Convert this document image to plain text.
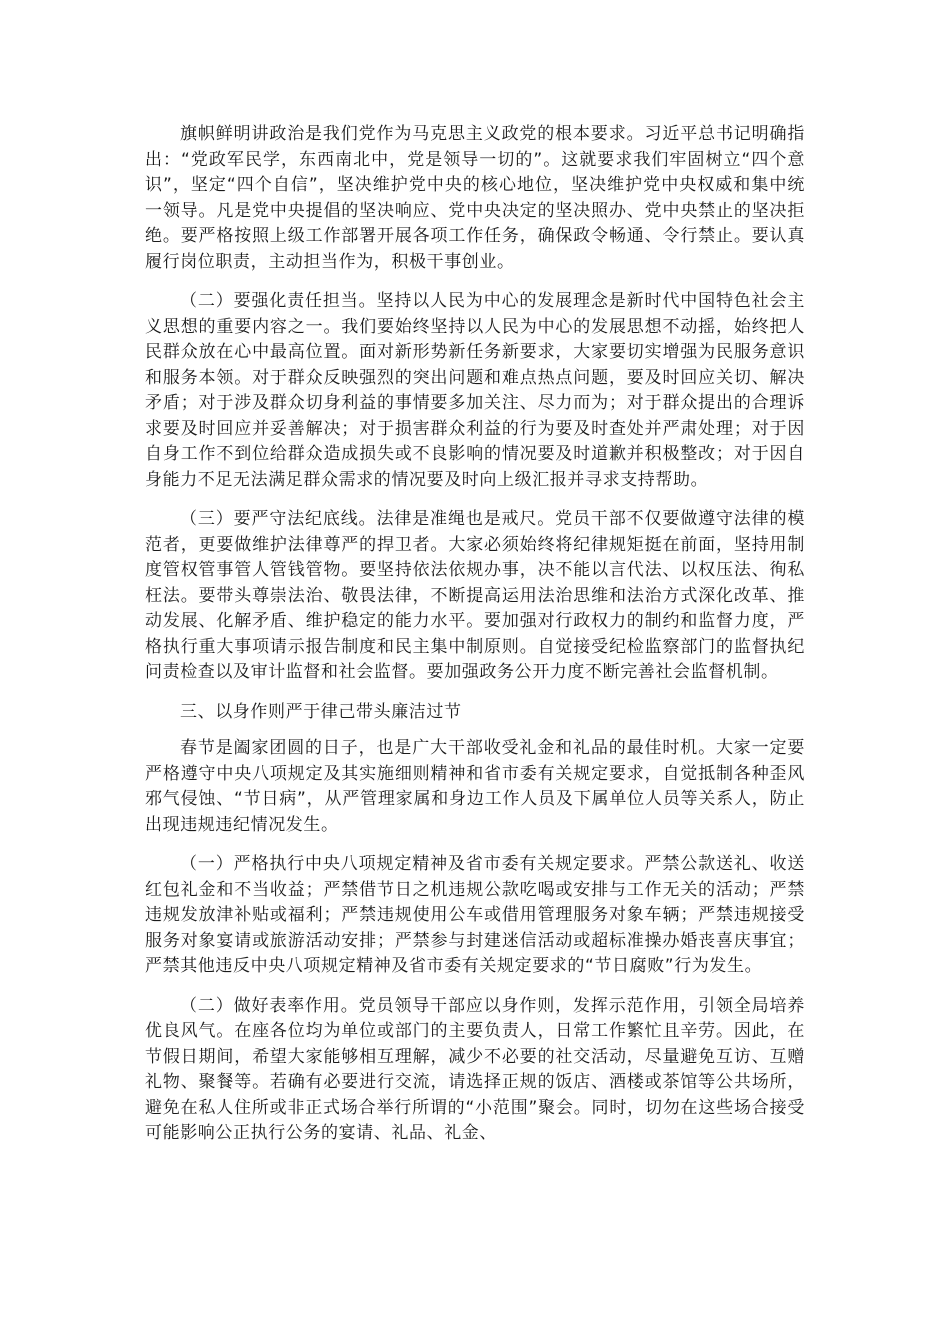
旗帜鲜明讲政治是我们党作为马克思主义政党的根本要求。习近平总书记明确指出：“党政军民学，东西南北中，党是领导一切的”。这就要求我们牢固树立“四个意识”，坚定“四个自信”，坚决维护党中央的核心地位，坚决维护党中央权威和集中统一领导。凡是党中央提倡的坚决响应、党中央决定的坚决照办、党中央禁止的坚决拒绝。要严格按照上级工作部署开展各项工作任务，确保政令畅通、令行禁止。要认真履行岗位职责，主动担当作为，积极干事创业。

（二）要强化责任担当。坚持以人民为中心的发展理念是新时代中国特色社会主义思想的重要内容之一。我们要始终坚持以人民为中心的发展思想不动摇，始终把人民群众放在心中最高位置。面对新形势新任务新要求，大家要切实增强为民服务意识和服务本领。对于群众反映强烈的突出问题和难点热点问题，要及时回应关切、解决矛盾；对于涉及群众切身利益的事情要多加关注、尽力而为；对于群众提出的合理诉求要及时回应并妥善解决；对于损害群众利益的行为要及时查处并严肃处理；对于因自身工作不到位给群众造成损失或不良影响的情况要及时道歉并积极整改；对于因自身能力不足无法满足群众需求的情况要及时向上级汇报并寻求支持帮助。

（三）要严守法纪底线。法律是准绳也是戒尺。党员干部不仅要做遵守法律的模范者，更要做维护法律尊严的捍卫者。大家必须始终将纪律规矩挺在前面，坚持用制度管权管事管人管钱管物。要坚持依法依规办事，决不能以言代法、以权压法、徇私枉法。要带头尊崇法治、敬畏法律，不断提高运用法治思维和法治方式深化改革、推动发展、化解矛盾、维护稳定的能力水平。要加强对行政权力的制约和监督力度，严格执行重大事项请示报告制度和民主集中制原则。自觉接受纪检监察部门的监督执纪问责检查以及审计监督和社会监督。要加强政务公开力度不断完善社会监督机制。

三、以身作则严于律己带头廉洁过节

春节是阖家团圆的日子，也是广大干部收受礼金和礼品的最佳时机。大家一定要严格遵守中央八项规定及其实施细则精神和省市委有关规定要求，自觉抵制各种歪风邪气侵蚀、“节日病”，从严管理家属和身边工作人员及下属单位人员等关系人，防止出现违规违纪情况发生。

（一）严格执行中央八项规定精神及省市委有关规定要求。严禁公款送礼、收送红包礼金和不当收益；严禁借节日之机违规公款吃喝或安排与工作无关的活动；严禁违规发放津补贴或福利；严禁违规使用公车或借用管理服务对象车辆；严禁违规接受服务对象宴请或旅游活动安排；严禁参与封建迷信活动或超标准操办婚丧喜庆事宜；严禁其他违反中央八项规定精神及省市委有关规定要求的“节日腐败”行为发生。

（二）做好表率作用。党员领导干部应以身作则，发挥示范作用，引领全局培养优良风气。在座各位均为单位或部门的主要负责人，日常工作繁忙且辛劳。因此，在节假日期间，希望大家能够相互理解，减少不必要的社交活动，尽量避免互访、互赠礼物、聚餐等。若确有必要进行交流，请选择正规的饭店、酒楼或茶馆等公共场所，避免在私人住所或非正式场合举行所谓的“小范围”聚会。同时，切勿在这些场合接受可能影响公正执行公务的宴请、礼品、礼金、
